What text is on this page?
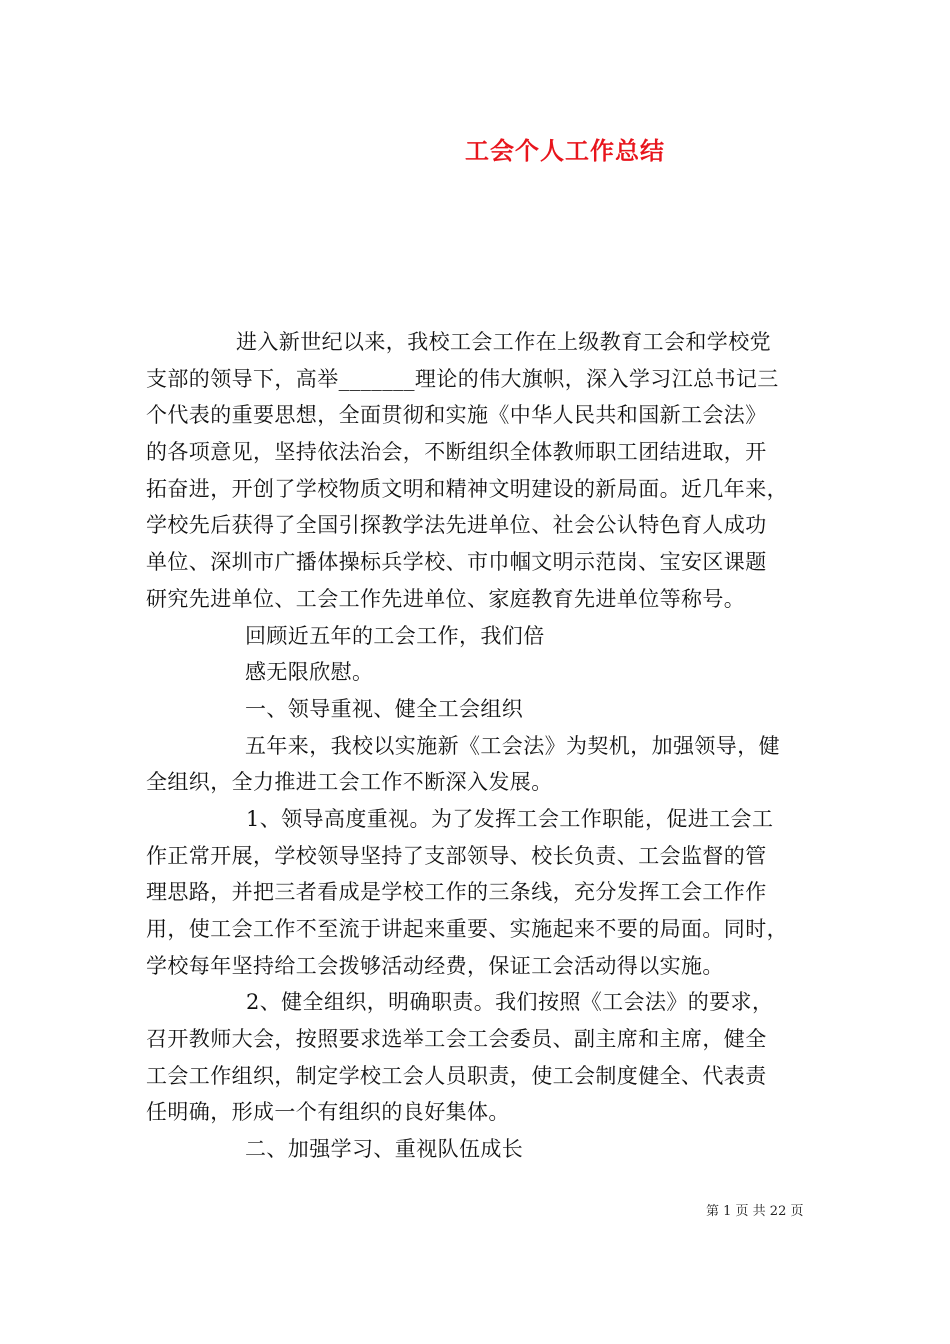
工会个人工作总结
进入新世纪以来，我校工会工作在上级教育工会和学校党
支部的领导下，高举_______理论的伟大旗帜，深入学习江总书记三
个代表的重要思想，全面贯彻和实施《中华人民共和国新工会法》
的各项意见，坚持依法治会，不断组织全体教师职工团结进取，开
拓奋进，开创了学校物质文明和精神文明建设的新局面。近几年来，
学校先后获得了全国引探教学法先进单位、社会公认特色育人成功
单位、深圳市广播体操标兵学校、市巾帼文明示范岗、宝安区课题
研究先进单位、工会工作先进单位、家庭教育先进单位等称号。
回顾近五年的工会工作，我们倍
感无限欣慰。
一、领导重视、健全工会组织
五年来，我校以实施新《工会法》为契机，加强领导，健
全组织，全力推进工会工作不断深入发展。
1、领导高度重视。为了发挥工会工作职能，促进工会工
作正常开展，学校领导坚持了支部领导、校长负责、工会监督的管
理思路，并把三者看成是学校工作的三条线，充分发挥工会工作作
用，使工会工作不至流于讲起来重要、实施起来不要的局面。同时，
学校每年坚持给工会拨够活动经费，保证工会活动得以实施。
2、健全组织，明确职责。我们按照《工会法》的要求，
召开教师大会，按照要求选举工会工会委员、副主席和主席，健全
工会工作组织，制定学校工会人员职责，使工会制度健全、代表责
任明确，形成一个有组织的良好集体。
二、加强学习、重视队伍成长
第 1 页 共 22 页
